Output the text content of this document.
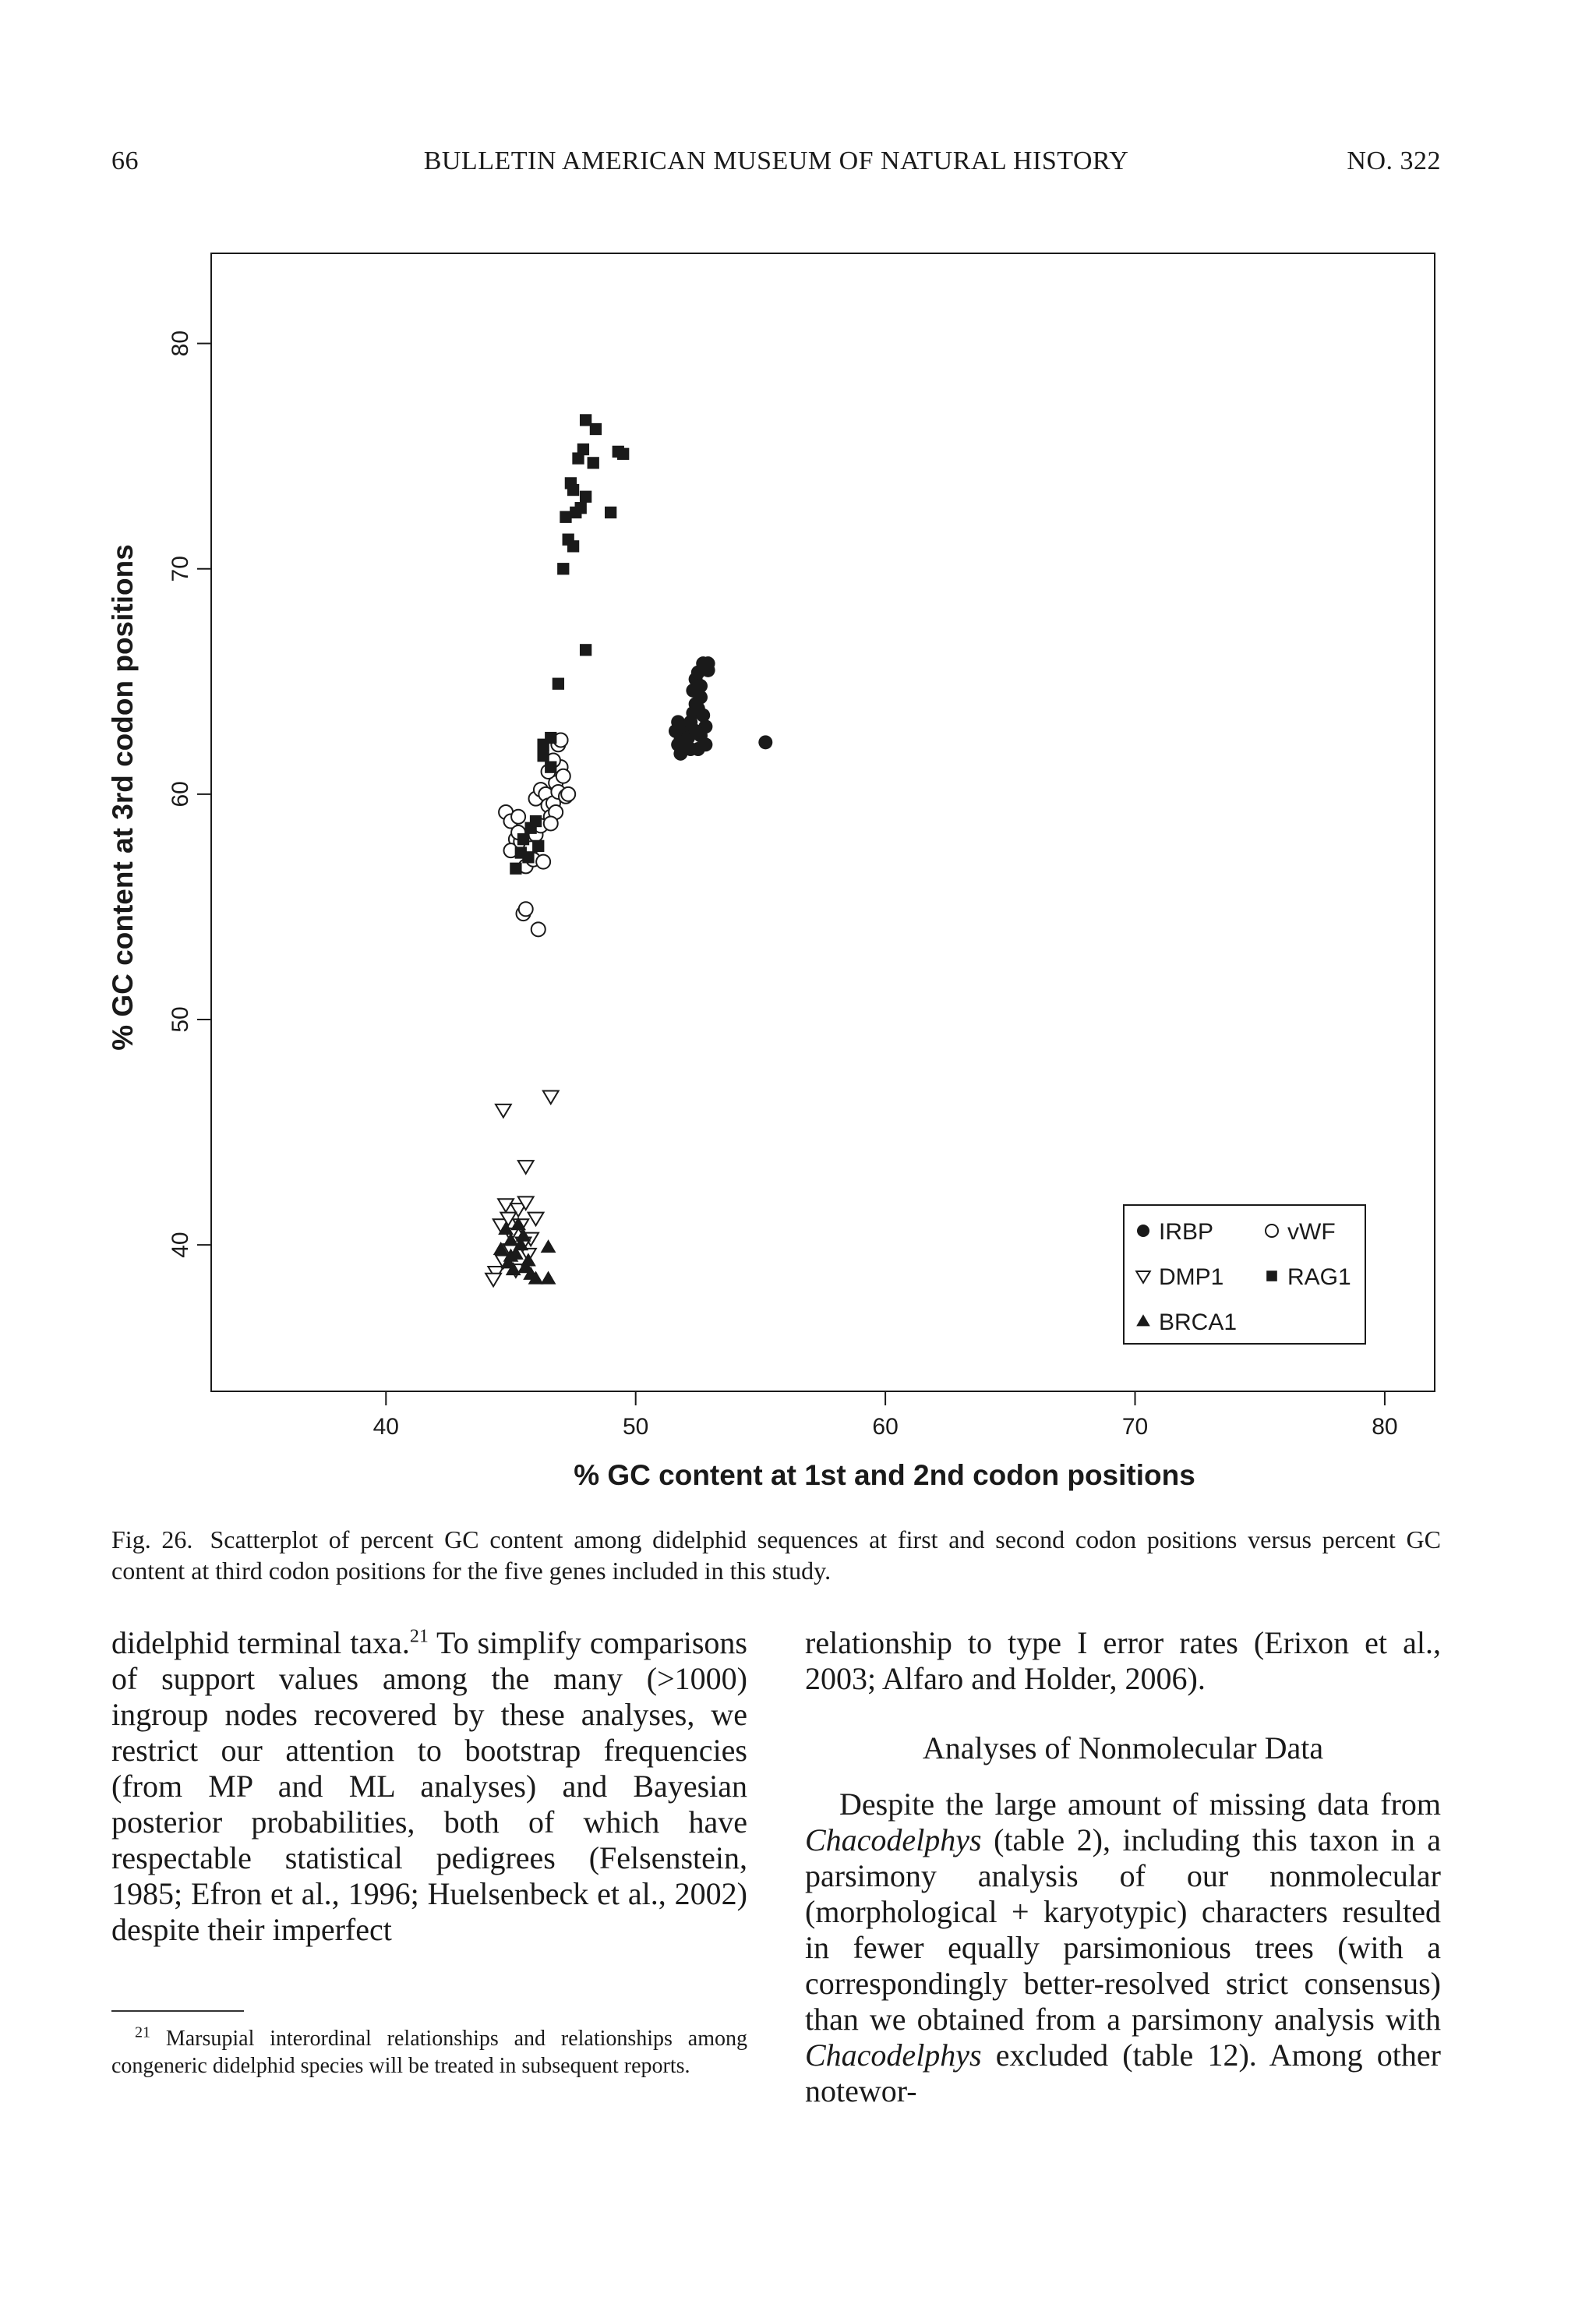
66	BULLETIN AMERICAN MUSEUM OF NATURAL HISTORY	NO. 322
40
50
60
70
80
40	50	60	70	80
IRBP	vWF
DMP1	RAG1
BRCA1
% GC content at 1st and 2nd codon positions
% GC content at 3rd codon positions
Fig. 26. Scatterplot of percent GC content among didelphid sequences at first and second codon positions versus percent GC content at third codon positions for the five genes included in this study.

didelphid terminal taxa.$^{21}$ To simplify comparisons of support values among the many (>1000) ingroup nodes recovered by these analyses, we restrict our attention to bootstrap frequencies (from MP and ML analyses) and Bayesian posterior probabilities, both of which have respectable statistical pedigrees (Felsenstein, 1985; Efron et al., 1996; Huelsenbeck et al., 2002) despite their imperfect

relationship to type I error rates (Erixon et al., 2003; Alfaro and Holder, 2006).

Analyses of Nonmolecular Data

Despite the large amount of missing data from Chacodelphys (table 2), including this taxon in a parsimony analysis of our nonmolecular (morphological + karyotypic) characters resulted in fewer equally parsimonious trees (with a correspondingly better-resolved strict consensus) than we obtained from a parsimony analysis with Chacodelphys excluded (table 12). Among other notewor-

$^{21}$ Marsupial interordinal relationships and relationships among congeneric didelphid species will be treated in subsequent reports.
